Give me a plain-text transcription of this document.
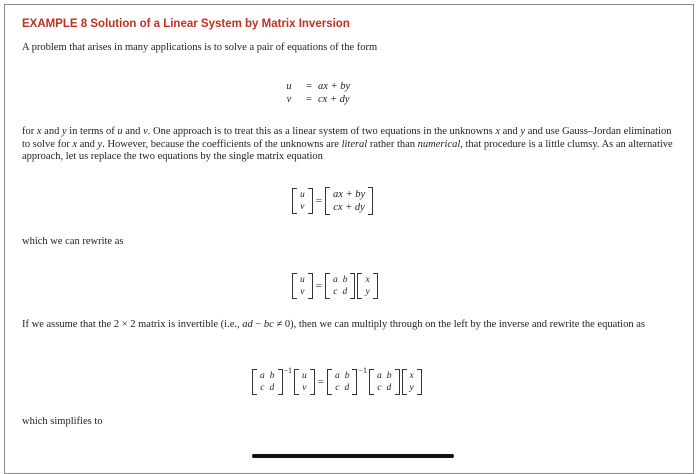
EXAMPLE 8 Solution of a Linear System by Matrix Inversion

A problem that arises in many applications is to solve a pair of equations of the form

u	= ax + by
v	= cx + dy

for x and y in terms of u and v. One approach is to treat this as a linear system of two equations in the unknowns x and y and use Gauss–Jordan elimination to solve for x and y. However, because the coefficients of the unknowns are literal rather than numerical, that procedure is a little clumsy. As an alternative approach, let us replace the two equations by the single matrix equation

u
v =
ax + by
cx + dy

which we can rewrite as

u
v = a b
c d
x
y

If we assume that the 2 × 2 matrix is invertible (i.e., ad − bc ≠ 0), then we can multiply through on the left by the inverse and rewrite the equation as

a b
c d
−1
u
v = a b
c d
−1
a b
c d
x
y

which simplifies to
